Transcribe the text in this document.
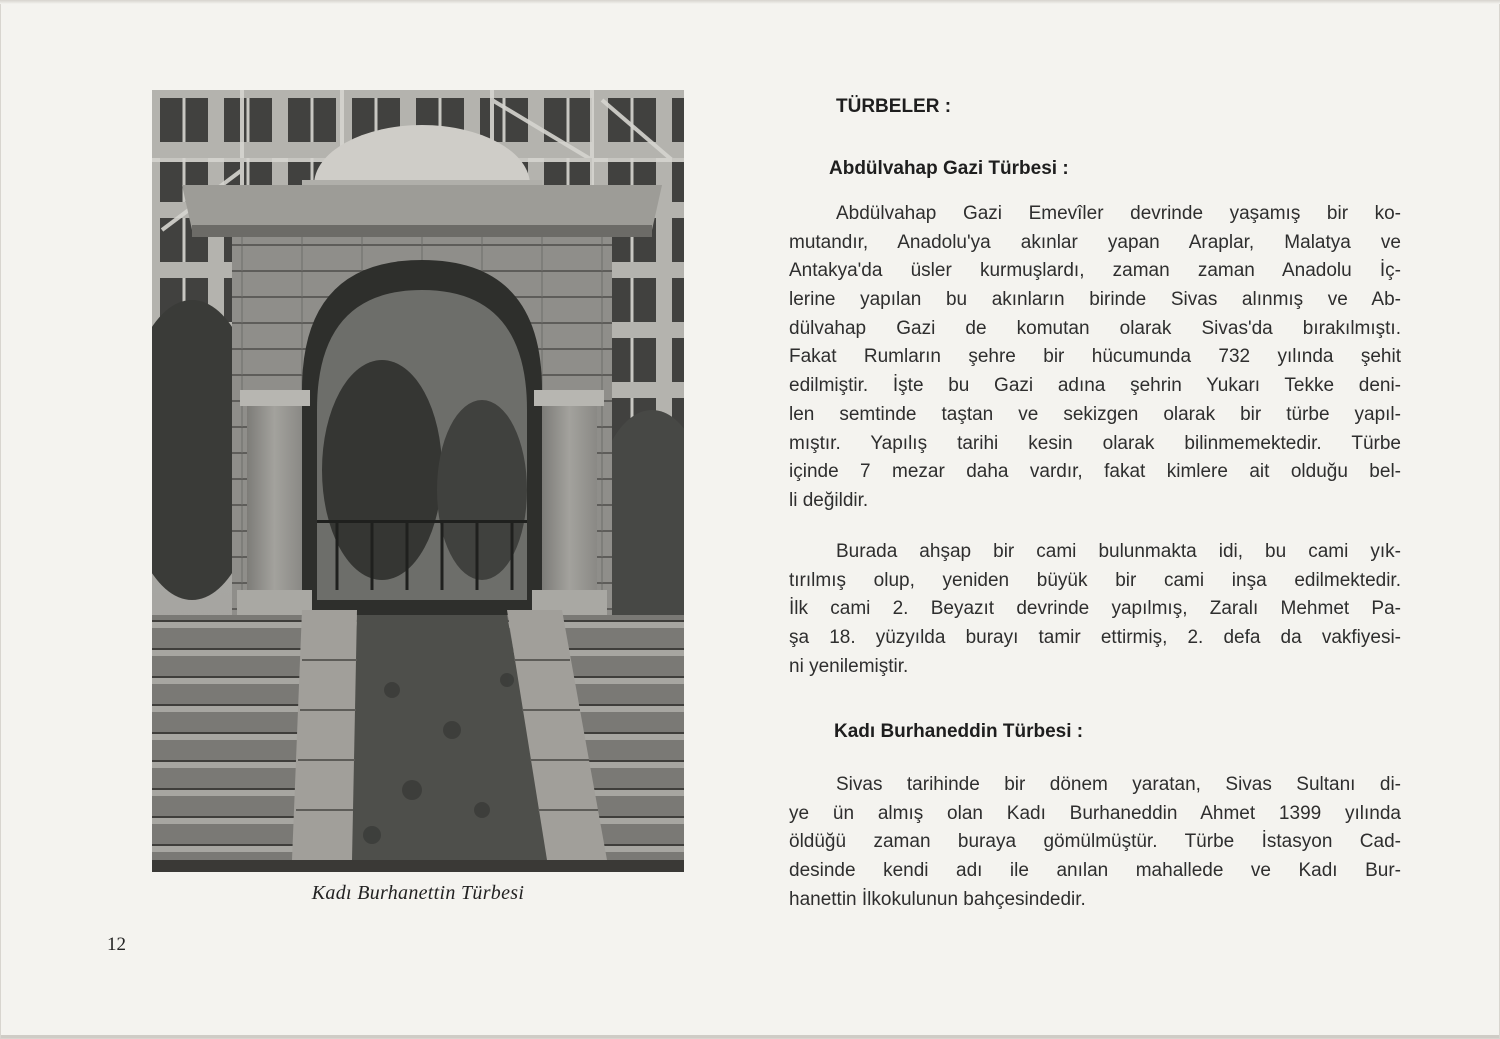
Kadı Burhanettin Türbesi
12
TÜRBELER :
Abdülvahap Gazi Türbesi :
Abdülvahap Gazi Emevîler devrinde yaşamış bir ko-
mutandır, Anadolu'ya akınlar yapan Araplar, Malatya ve
Antakya'da üsler kurmuşlardı, zaman zaman Anadolu İç-
lerine yapılan bu akınların birinde Sivas alınmış ve Ab-
dülvahap Gazi de komutan olarak Sivas'da bırakılmıştı.
Fakat Rumların şehre bir hücumunda 732 yılında şehit
edilmiştir. İşte bu Gazi adına şehrin Yukarı Tekke deni-
len semtinde taştan ve sekizgen olarak bir türbe yapıl-
mıştır. Yapılış tarihi kesin olarak bilinmemektedir. Türbe
içinde 7 mezar daha vardır, fakat kimlere ait olduğu bel-
li değildir.
Burada ahşap bir cami bulunmakta idi, bu cami yık-
tırılmış olup, yeniden büyük bir cami inşa edilmektedir.
İlk cami 2. Beyazıt devrinde yapılmış, Zaralı Mehmet Pa-
şa 18. yüzyılda burayı tamir ettirmiş, 2. defa da vakfiyesi-
ni yenilemiştir.
Kadı Burhaneddin Türbesi :
Sivas tarihinde bir dönem yaratan, Sivas Sultanı di-
ye ün almış olan Kadı Burhaneddin Ahmet 1399 yılında
öldüğü zaman buraya gömülmüştür. Türbe İstasyon Cad-
desinde kendi adı ile anılan mahallede ve Kadı Bur-
hanettin İlkokulunun bahçesindedir.
